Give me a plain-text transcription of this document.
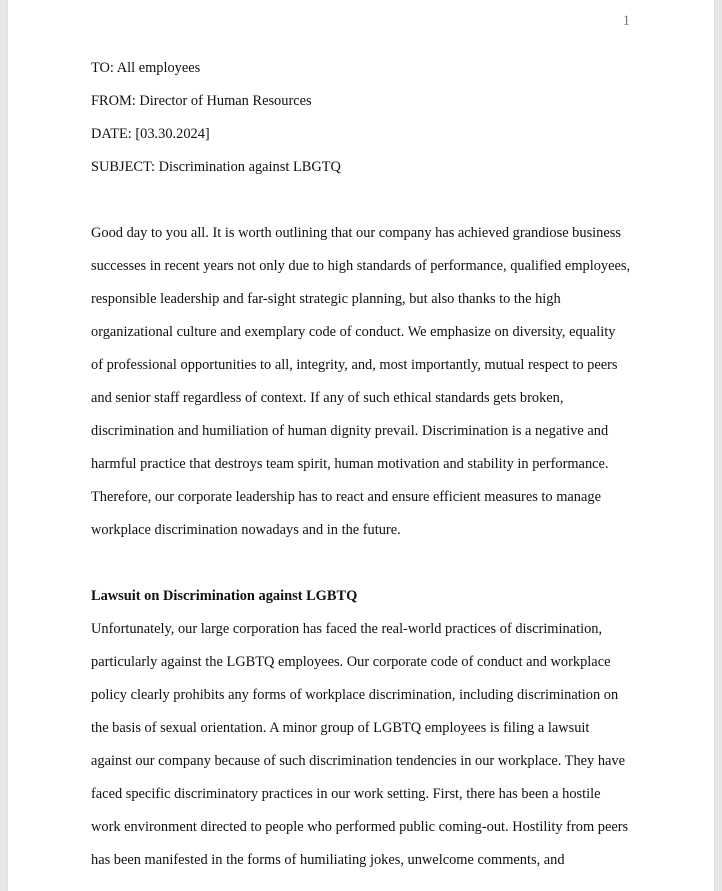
1
TO: All employees
FROM: Director of Human Resources
DATE: [03.30.2024]
SUBJECT: Discrimination against LBGTQ
Good day to you all. It is worth outlining that our company has achieved grandiose business
successes in recent years not only due to high standards of performance, qualified employees,
responsible leadership and far-sight strategic planning, but also thanks to the high
organizational culture and exemplary code of conduct. We emphasize on diversity, equality
of professional opportunities to all, integrity, and, most importantly, mutual respect to peers
and senior staff regardless of context. If any of such ethical standards gets broken,
discrimination and humiliation of human dignity prevail. Discrimination is a negative and
harmful practice that destroys team spirit, human motivation and stability in performance.
Therefore, our corporate leadership has to react and ensure efficient measures to manage
workplace discrimination nowadays and in the future.
Lawsuit on Discrimination against LGBTQ
Unfortunately, our large corporation has faced the real-world practices of discrimination,
particularly against the LGBTQ employees. Our corporate code of conduct and workplace
policy clearly prohibits any forms of workplace discrimination, including discrimination on
the basis of sexual orientation. A minor group of LGBTQ employees is filing a lawsuit
against our company because of such discrimination tendencies in our workplace. They have
faced specific discriminatory practices in our work setting. First, there has been a hostile
work environment directed to people who performed public coming-out. Hostility from peers
has been manifested in the forms of humiliating jokes, unwelcome comments, and
